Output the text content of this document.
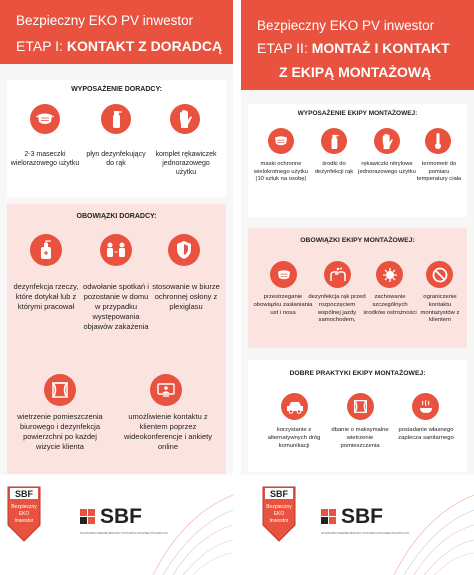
Bezpieczny EKO PV inwestor
ETAP I: KONTAKT Z DORADCĄ
WYPOSAŻENIE DORADCY:
2-3 maseczki wielorazowego użytku
płyn dezynfekujący do rąk
komplet rękawiczek jednorazowego użytku
OBOWIĄZKI DORADCY:
dezynfekcja rzeczy, które dotykał lub z którymi pracował
odwołanie spotkań i pozostanie w domu w przypadku występowania objawów zakażenia
stosowanie w biurze ochronnej osłony z plexiglasu
wietrzenie pomieszczenia biurowego i dezynfekcja powierzchni po każdej wizycie klienta
umożliwienie kontaktu z klientem poprzez wideokonferencje i ankiety online
SBF
Bezpieczny
EKO
Inwestor	SBF
STOWARZYSZENIE BRANŻY FOTOWOLTAICZNEJ POLSKA PV
Bezpieczny EKO PV inwestor
ETAP II: MONTAŻ I KONTAKT
Z EKIPĄ MONTAŻOWĄ
WYPOSAŻENIE EKIPY MONTAŻOWEJ:
maski ochronne wielokrotnego użytku (10 sztuk na osobę)
środki do dezynfekcji rąk
rękawiczki nitrylowe jednorazowego użytku
termometr do pomiaru temperatury ciała
OBOWIĄZKI EKIPY MONTAŻOWEJ:
przestrzeganie obowiązku zasłaniania ust i nosa
dezynfekcja rąk przed rozpoczęciem wspólnej jazdy samochodem,
zachowanie szczególnych środków ostrożności
ograniczenie kontaktu montażystów z klientem
DOBRE PRAKTYKI EKIPY MONTAŻOWEJ:
korzystanie z alternatywnych dróg komunikacji
dbanie o maksymalne wietrzenie pomieszczenia
posiadanie własnego zaplecza sanitarnego
SBF
Bezpieczny
EKO
Inwestor	SBF
STOWARZYSZENIE BRANŻY FOTOWOLTAICZNEJ POLSKA PV
